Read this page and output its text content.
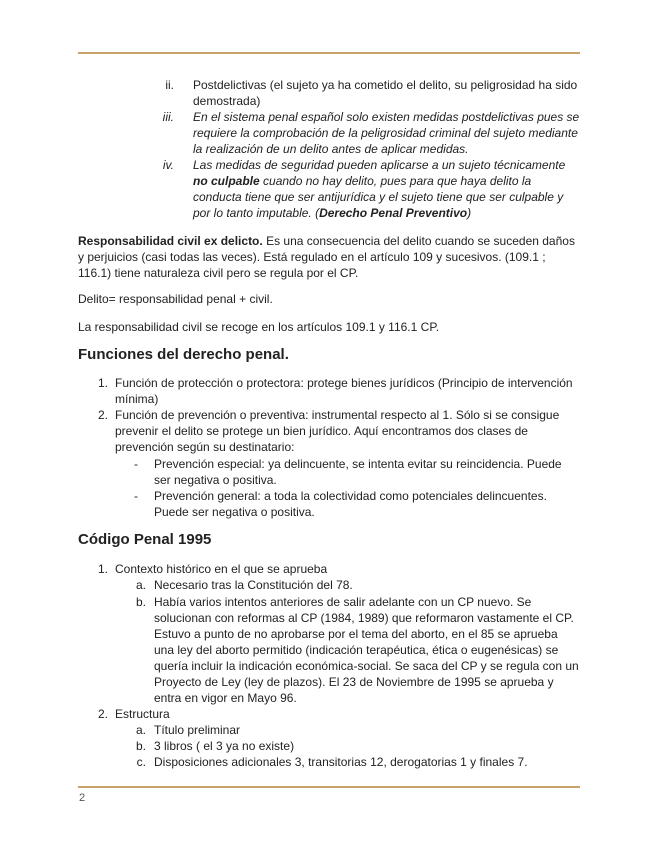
ii. Postdelictivas (el sujeto ya ha cometido el delito, su peligrosidad ha sido demostrada)
iii. En el sistema penal español solo existen medidas postdelictivas pues se requiere la comprobación de la peligrosidad criminal del sujeto mediante la realización de un delito antes de aplicar medidas.
iv. Las medidas de seguridad pueden aplicarse a un sujeto técnicamente no culpable cuando no hay delito, pues para que haya delito la conducta tiene que ser antijurídica y el sujeto tiene que ser culpable y por lo tanto imputable. (Derecho Penal Preventivo)
Responsabilidad civil ex delicto. Es una consecuencia del delito cuando se suceden daños y perjuicios (casi todas las veces). Está regulado en el artículo 109 y sucesivos. (109.1 ; 116.1) tiene naturaleza civil pero se regula por el CP.
Delito= responsabilidad penal + civil.
La responsabilidad civil se recoge en los artículos 109.1 y 116.1 CP.
Funciones del derecho penal.
1. Función de protección o protectora: protege bienes jurídicos (Principio de intervención mínima)
2. Función de prevención o preventiva: instrumental respecto al 1. Sólo si se consigue prevenir el delito se protege un bien jurídico. Aquí encontramos dos clases de prevención según su destinatario:
-	Prevención especial: ya delincuente, se intenta evitar su reincidencia. Puede ser negativa o positiva.
-	Prevención general: a toda la colectividad como potenciales delincuentes. Puede ser negativa o positiva.
Código Penal 1995
1. Contexto histórico en el que se aprueba
a. Necesario tras la Constitución del 78.
b. Había varios intentos anteriores de salir adelante con un CP nuevo. Se solucionan con reformas al CP (1984, 1989) que reformaron vastamente el CP. Estuvo a punto de no aprobarse por el tema del aborto, en el 85 se aprueba una ley del aborto permitido (indicación terapéutica, ética o eugenésicas) se quería incluir la indicación económica-social. Se saca del CP y se regula con un Proyecto de Ley (ley de plazos). El 23 de Noviembre de 1995 se aprueba y entra en vigor en Mayo 96.
2. Estructura
a. Título preliminar
b. 3 libros ( el 3 ya no existe)
c. Disposiciones adicionales 3, transitorias 12, derogatorias 1 y finales 7.
2
